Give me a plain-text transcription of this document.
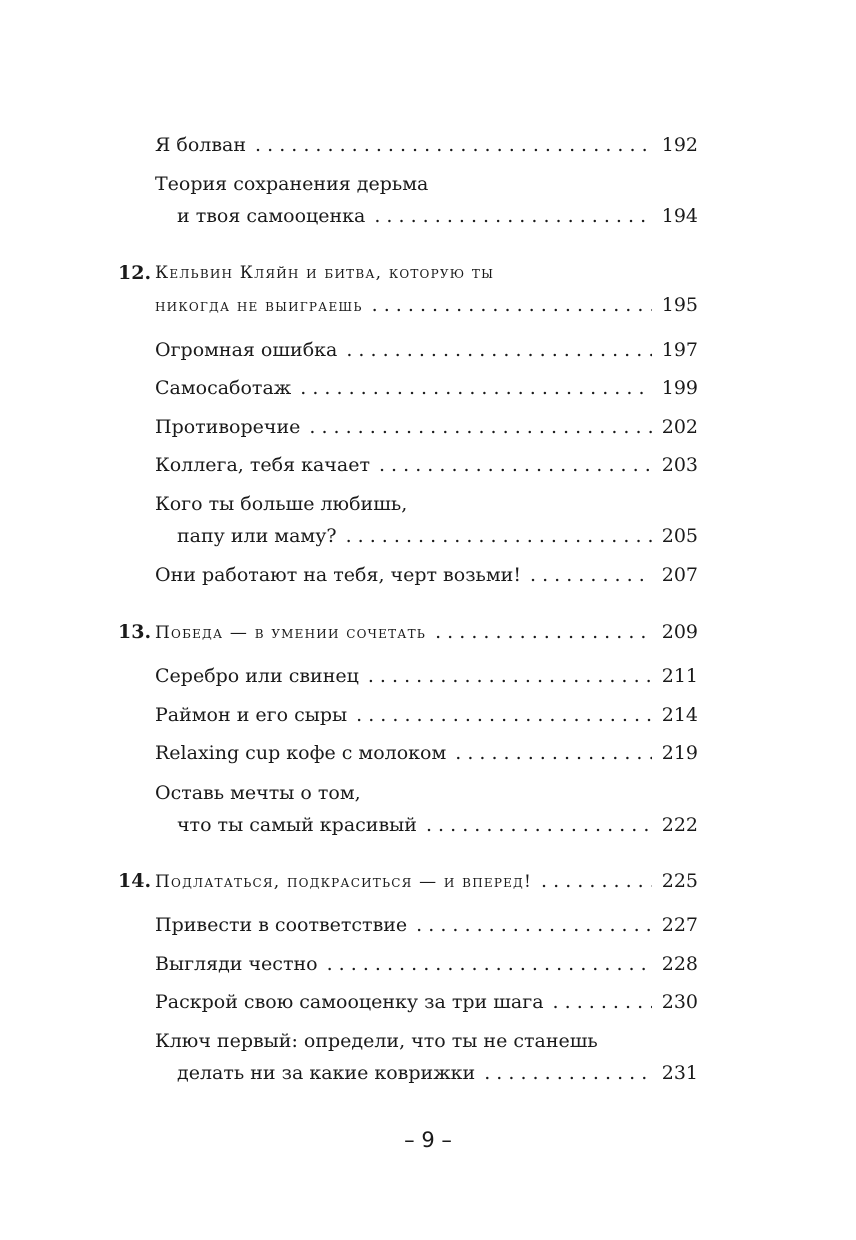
Я болван . . .	192
Теория сохранения дерьма
и твоя самооценка . . .	194
12. Кельвин Кляйн и битва, которую ты
никогда не выиграешь . . .	195
Огромная ошибка . . .	197
Самосаботаж . . .	199
Противоречие . . .	202
Коллега, тебя качает . . .	203
Кого ты больше любишь,
папу или маму? . . .	205
Они работают на тебя, черт возьми! . . .	207
13. Победа — в умении сочетать . . .	209
Серебро или свинец . . .	211
Раймон и его сыры . . .	214
Relaxing cup кофе с молоком . . .	219
Оставь мечты о том,
что ты самый красивый . . .	222
14. Подлататься, подкраситься — и вперед! . . .	225
Привести в соответствие . . .	227
Выгляди честно . . .	228
Раскрой свою самооценку за три шага . . .	230
Ключ первый: определи, что ты не станешь
делать ни за какие коврижки . . .	231
– 9 –
